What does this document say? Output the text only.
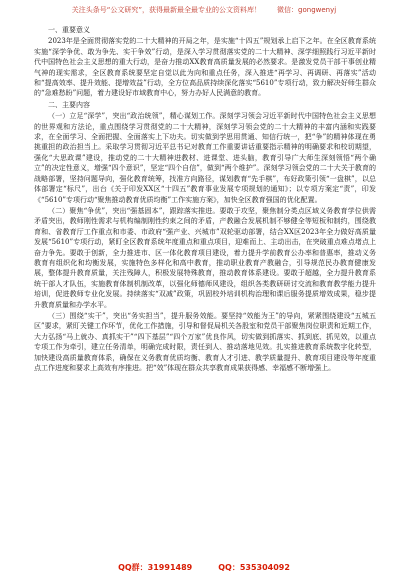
关注头条号“公文研究”，获得最新最全最专业的公文资料库！ 微信：gongwenyj
一、重要意义

2023年是全面贯彻落实党的二十大精神的开局之年，是实施“十四五”规划承上启下之年。在全区教育系统实施“深学争优、敢为争先、实干争效”行动，是深入学习贯彻落实党的二十大精神、深学细照践行习近平新时代中国特色社会主义思想的重大行动，是奋力推动XX教育高质量发展的必然要求。是激发党员干部干事创业精气神的现实需求，全区教育系统要坚定自觉以此为向和重点任务，深入推进“再学习、再调研、再落实”活动和“提高效率、提升效能、提增效益”行动，全方位高品质持续深化落实“5610”专项行动，致力解决好师生群众的“急难愁盼”问题，着力建设好市域教育中心，努力办好人民满意的教育。

二、主要内容

（一）立足“深学”，突出“政治统领”，精心谋划工作。深刻学习领会习近平新时代中国特色社会主义思想的世界观和方法论，重点围绕学习贯彻党的二十大精神，深刻学习领会党的二十大精神的丰富内涵和实践要求，在全面学习、全面把握、全面落实上下功夫。切实做到学思用贯通、知信行统一，把“争”的精神体现在勇挑重担的政治担当上。采取学习贯彻习近平总书记对教育工作重要讲话重要指示精神的明确要求和校切期望，强化“大思政课”建设，推动党的二十大精神进教材、进课堂、进头脑，教育引导广大师生深刻领悟“两个确立”的决定性意义，增强“四个意识”，坚定“四个自信”，做到“两个维护”。深刻学习领会党的二十大关于教育的战略部署，坚持问题导向，强化教育统筹，找准方向路径，谋划教育“先手棋”，布好政策引领“一盘棋”，以总体部署定“标尺”，出台《关于印发XX区“十四五”教育事业发展专项规划的通知》；以专项方案定“责”，印发《“5610”专项行动“聚焦推动教育优质均衡”工作实施方案》，加快全区教育强国的优化配置。

（二）聚焦“争优”，突出“强基固本”，跟踪落实推进。要敢于攻坚，聚焦制分类点区域义务教育学位供需矛盾突出，教师刚性需求与机构编制刚性约束之间的矛盾，产教融合发展机制不够健全等短板和制约，围绕教育和、省教育厅工作重点和市委、市政府“强产业、兴城市”双轮驱动部署，结合XX区2023年全力做好高质量发展“5610”专项行动，紧盯全区教育系统年度重点和重点项目，迎难而上、主动出击，在突破重点难点堵点上奋力争先。要敢于创新，全力推进市、区一体化教育项目建设，着力提升学前教育公办率和普惠率，推动义务教育有组织化和均衡发展，实施特色多样化和高中教育，推动职业教育产教融合，引导规范民办教育健康发展，整体提升教育质量，关注残障人，积极发展特殊教育，推动教育体系建设。要敢于超越，全力提升教育系统干部人才队伍，实施教育体制机制改革，以强化师德师风建设，组织各类教研研讨交流和教育教学能力提升培训，促进教师专业化发展。持续落实“双减”政策，巩固校外培训机构治理和课后服务提质增效成果，稳步提升教育质量和办学水平。

（三）围绕“实干”，突出“务实担当”，提升服务效能。要坚持“效能为王”的导向，紧紧围绕建设“五城五区”要求，紧盯关键工作环节，优化工作措施，引导和督促局机关各股室和党员干部聚焦岗位职责和近期工作，大力弘扬“马上就办、真抓实干”“四下基层”“四个万家”优良作风，切实做到抓落实、抓到底、抓见效，以重点专项工作为牵引，建立任务清单，明确完成时限，责任到人、推动落地见效。扎实推进教育系统数字化转型，加快建设高质量教育体系，确保在义务教育优质均衡、教育人才引进、教学质量提升、教育项目建设等年度重点工作进度和要求上高效有序推进。把“效”体现在群众共享教育成果获得感、幸福感不断增强上。

QQ群：31991489	QQ：535304092
